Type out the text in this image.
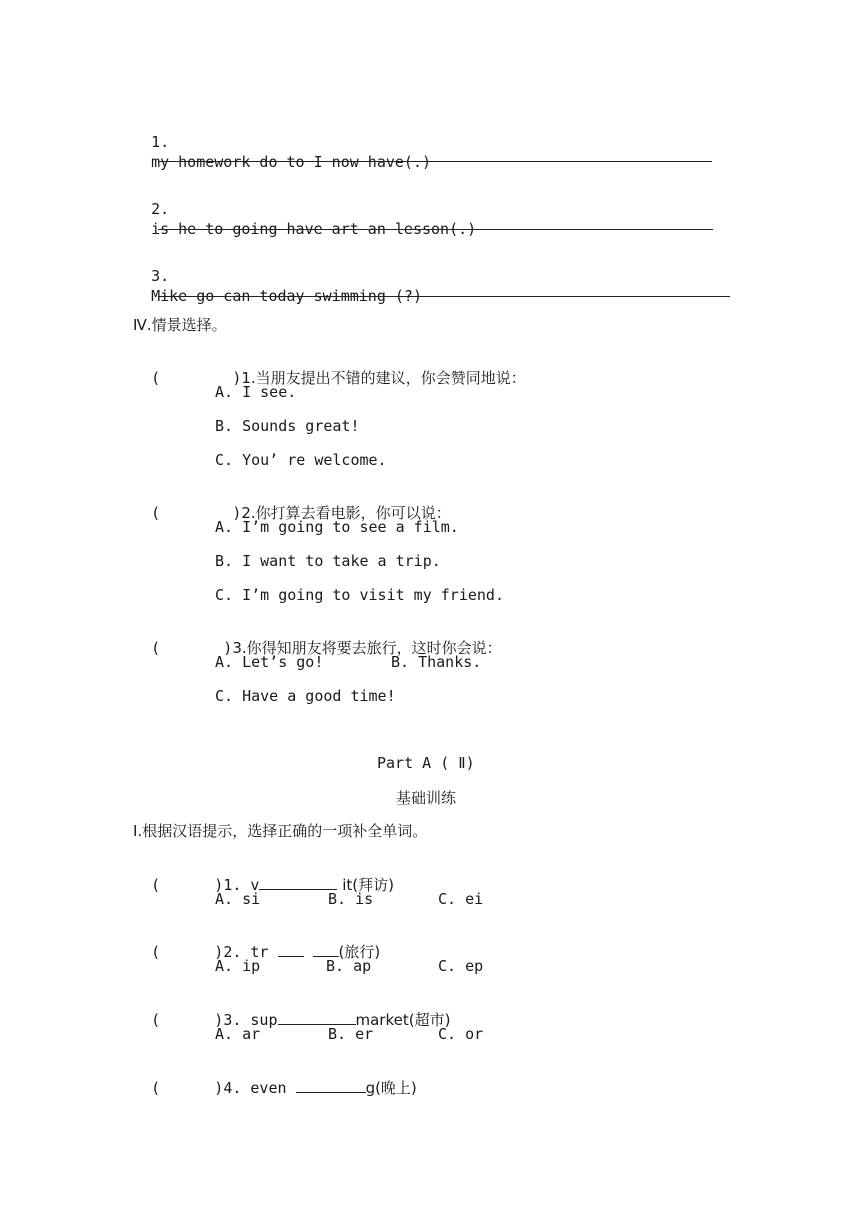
1.
my homework do to I now have(.)

2.
is he to going have art an lesson(.)

3.
Mike go can today swimming (?)

Ⅳ.情景选择。

(        )1.当朋友提出不错的建议，你会赞同地说：

A. I see.
B. Sounds great!
C. You’ re welcome.

(        )2.你打算去看电影，你可以说：

A. I’m going to see a film.
B. I want to take a trip.
C. I’m going to visit my friend.

(       )3.你得知朋友将要去旅行，这时你会说：

A. Let’s go!	B. Thanks.
C. Have a good time!
Part A ( Ⅱ)
基础训练
Ⅰ.根据汉语提示，选择正确的一项补全单词。

(      )1. v	it(拜访)

A. si	B. is	C. ei

(      )2. tr	(旅行)

A. ip	B. ap	C. ep

(      )3. sup	market(超市)

A. ar	B. er	C. or

(      )4. even	g(晚上)
